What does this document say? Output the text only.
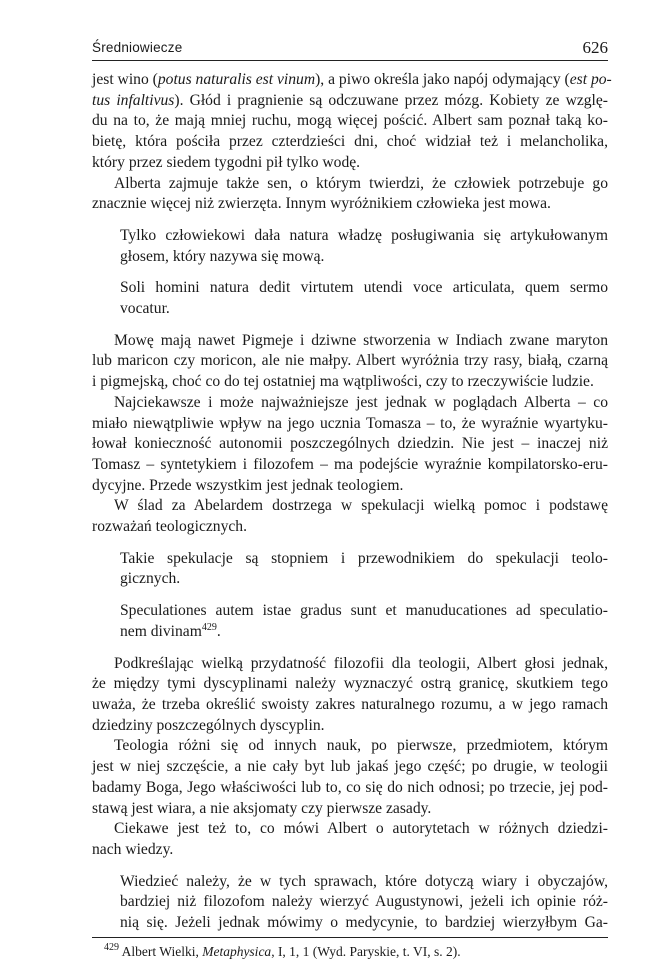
Średniowiecze	626
jest wino (potus naturalis est vinum), a piwo określa jako napój odymający (est po-
tus infaltivus). Głód i pragnienie są odczuwane przez mózg. Kobiety ze wzglę-
du na to, że mają mniej ruchu, mogą więcej pościć. Albert sam poznał taką ko-
bietę, która pościła przez czterdzieści dni, choć widział też i melancholika,
który przez siedem tygodni pił tylko wodę.
Alberta zajmuje także sen, o którym twierdzi, że człowiek potrzebuje go
znacznie więcej niż zwierzęta. Innym wyróżnikiem człowieka jest mowa.
Tylko człowiekowi dała natura władzę posługiwania się artykułowanym
głosem, który nazywa się mową.
Soli homini natura dedit virtutem utendi voce articulata, quem sermo
vocatur.
Mowę mają nawet Pigmeje i dziwne stworzenia w Indiach zwane maryton
lub maricon czy moricon, ale nie małpy. Albert wyróżnia trzy rasy, białą, czarną
i pigmejską, choć co do tej ostatniej ma wątpliwości, czy to rzeczywiście ludzie.
Najciekawsze i może najważniejsze jest jednak w poglądach Alberta – co
miało niewątpliwie wpływ na jego ucznia Tomasza – to, że wyraźnie wyartyku-
łował konieczność autonomii poszczególnych dziedzin. Nie jest – inaczej niż
Tomasz – syntetykiem i filozofem – ma podejście wyraźnie kompilatorsko-eru-
dycyjne. Przede wszystkim jest jednak teologiem.
W ślad za Abelardem dostrzega w spekulacji wielką pomoc i podstawę
rozważań teologicznych.
Takie spekulacje są stopniem i przewodnikiem do spekulacji teolo-
gicznych.
Speculationes autem istae gradus sunt et manuducationes ad speculatio-
nem divinam$^{429}$.
Podkreślając wielką przydatność filozofii dla teologii, Albert głosi jednak,
że między tymi dyscyplinami należy wyznaczyć ostrą granicę, skutkiem tego
uważa, że trzeba określić swoisty zakres naturalnego rozumu, a w jego ramach
dziedziny poszczególnych dyscyplin.
Teologia różni się od innych nauk, po pierwsze, przedmiotem, którym
jest w niej szczęście, a nie cały byt lub jakaś jego część; po drugie, w teologii
badamy Boga, Jego właściwości lub to, co się do nich odnosi; po trzecie, jej pod-
stawą jest wiara, a nie aksjomaty czy pierwsze zasady.
Ciekawe jest też to, co mówi Albert o autorytetach w różnych dziedzi-
nach wiedzy.
Wiedzieć należy, że w tych sprawach, które dotyczą wiary i obyczajów,
bardziej niż filozofom należy wierzyć Augustynowi, jeżeli ich opinie róż-
nią się. Jeżeli jednak mówimy o medycynie, to bardziej wierzyłbym Ga-
$^{429}$ Albert Wielki, Metaphysica, I, 1, 1 (Wyd. Paryskie, t. VI, s. 2).
